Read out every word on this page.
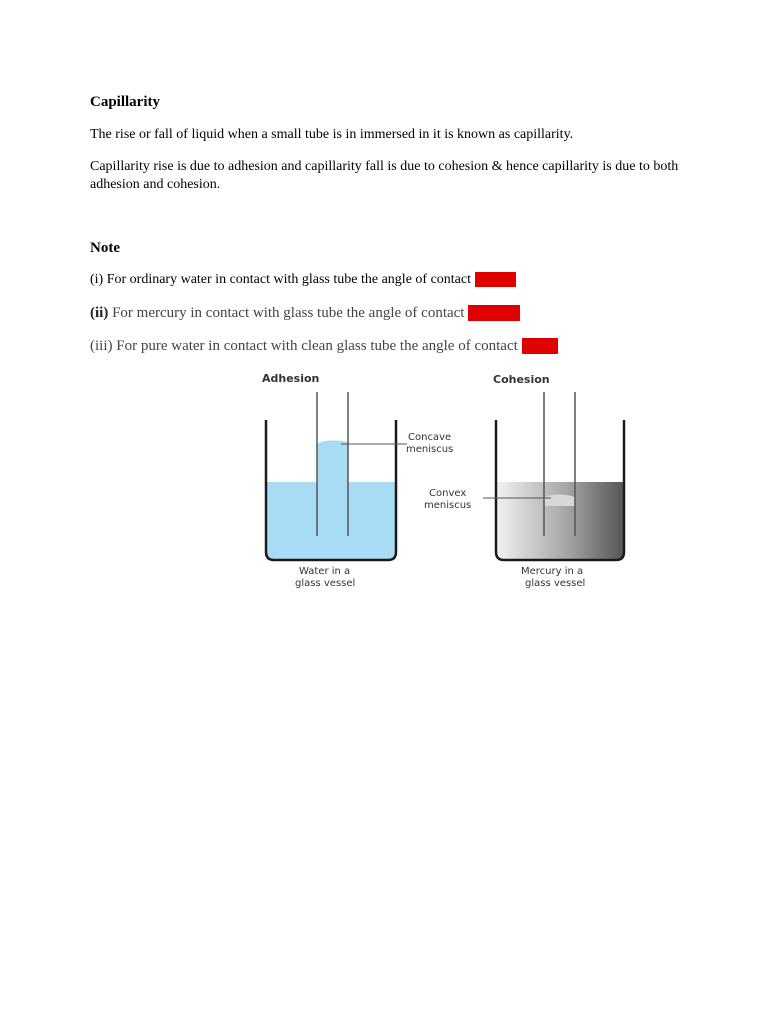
Capillarity
The rise or fall of liquid when a small tube is in immersed in it is known as capillarity.
Capillarity rise is due to adhesion and capillarity fall is due to cohesion & hence capillarity is due to both adhesion and cohesion.
Note
(i) For ordinary water in contact with glass tube the angle of contact θ= 25°
(ii) For mercury in contact with glass tube the angle of contact θ= 135°
(iii) For pure water in contact with clean glass tube the angle of contact θ= 0°
Adhesion	Cohesion
Concave
meniscus
Convex
meniscus
Water in a
glass vessel
Mercury in a
glass vessel
